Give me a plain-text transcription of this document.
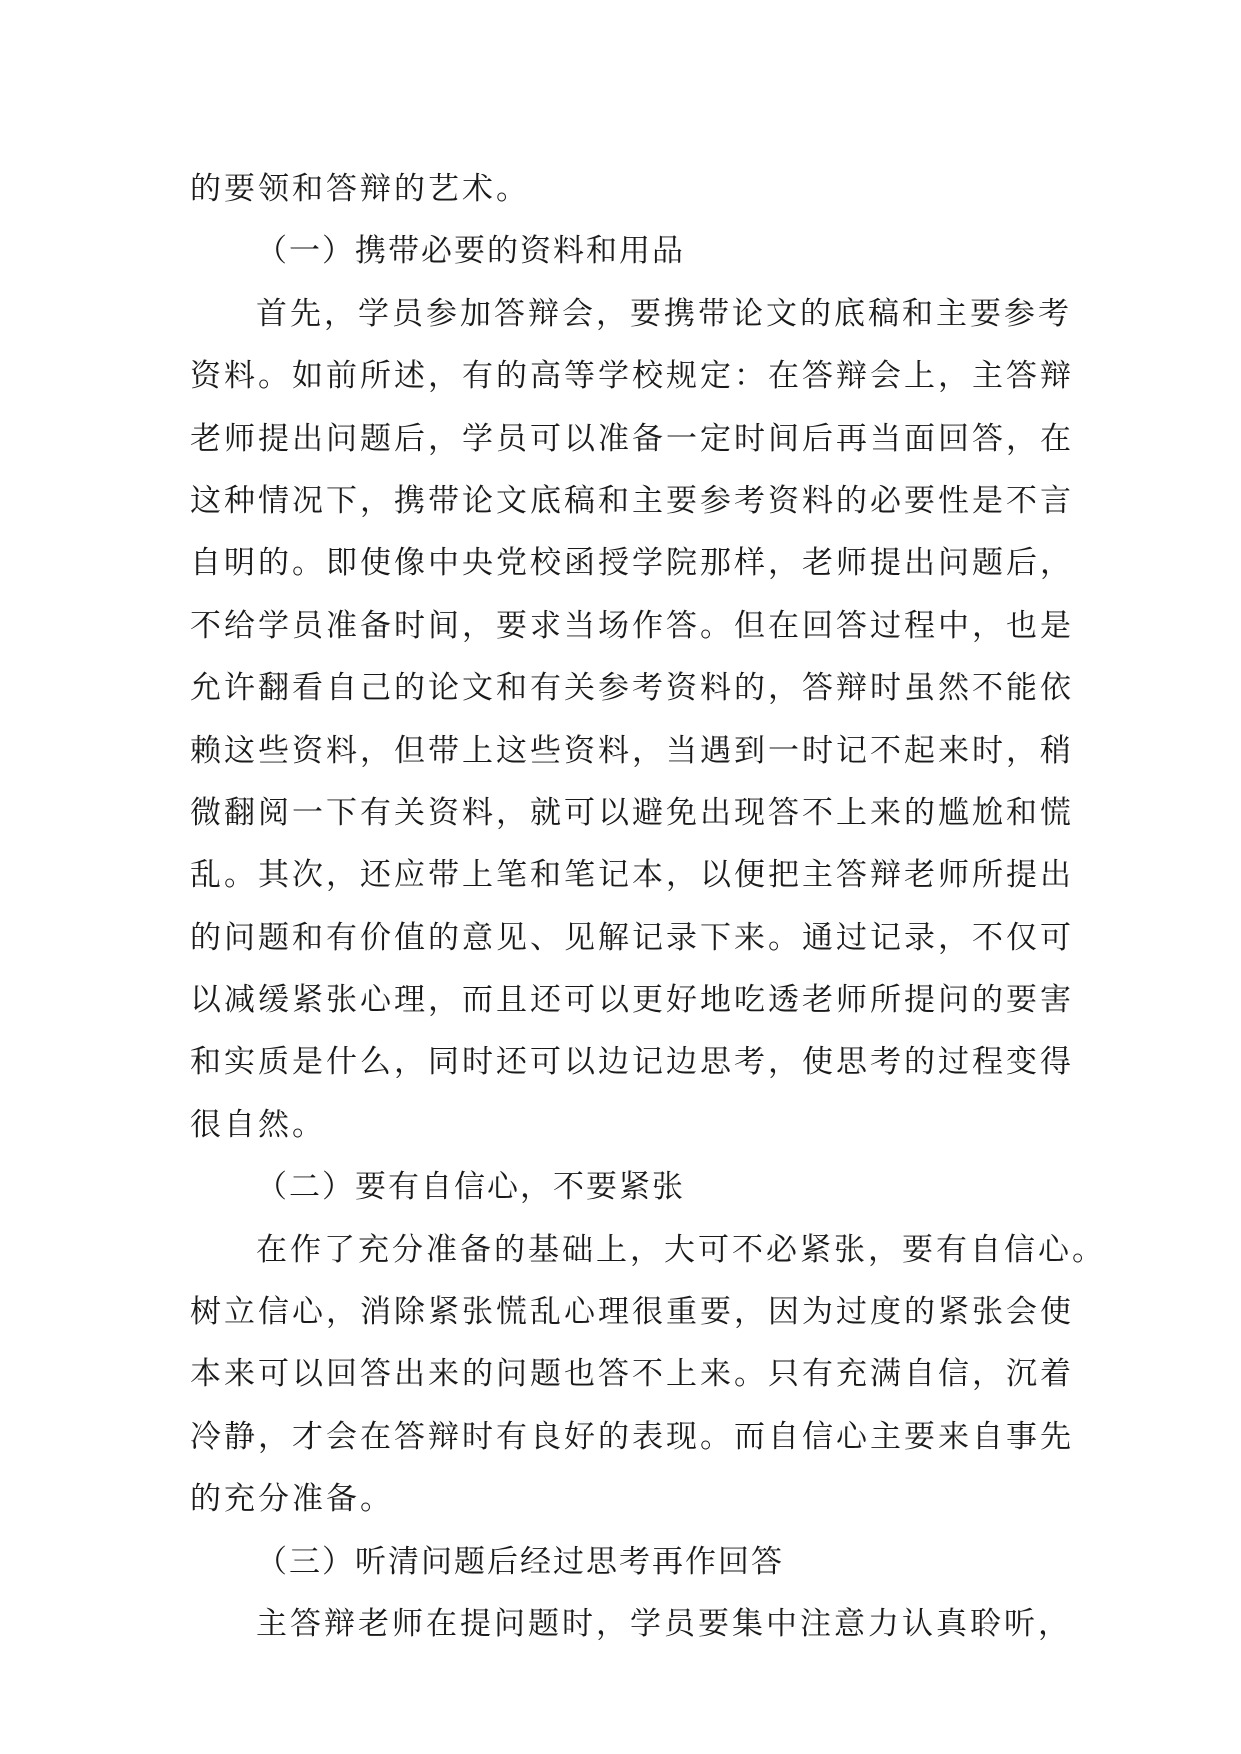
的要领和答辩的艺术。
（一）携带必要的资料和用品
首先，学员参加答辩会，要携带论文的底稿和主要参考
资料。如前所述，有的高等学校规定：在答辩会上，主答辩
老师提出问题后，学员可以准备一定时间后再当面回答，在
这种情况下，携带论文底稿和主要参考资料的必要性是不言
自明的。即使像中央党校函授学院那样，老师提出问题后，
不给学员准备时间，要求当场作答。但在回答过程中，也是
允许翻看自己的论文和有关参考资料的，答辩时虽然不能依
赖这些资料，但带上这些资料，当遇到一时记不起来时，稍
微翻阅一下有关资料，就可以避免出现答不上来的尴尬和慌
乱。其次，还应带上笔和笔记本，以便把主答辩老师所提出
的问题和有价值的意见、见解记录下来。通过记录，不仅可
以减缓紧张心理，而且还可以更好地吃透老师所提问的要害
和实质是什么，同时还可以边记边思考，使思考的过程变得
很自然。
（二）要有自信心，不要紧张
在作了充分准备的基础上，大可不必紧张，要有自信心。
树立信心，消除紧张慌乱心理很重要，因为过度的紧张会使
本来可以回答出来的问题也答不上来。只有充满自信，沉着
冷静，才会在答辩时有良好的表现。而自信心主要来自事先
的充分准备。
（三）听清问题后经过思考再作回答
主答辩老师在提问题时，学员要集中注意力认真聆听，
